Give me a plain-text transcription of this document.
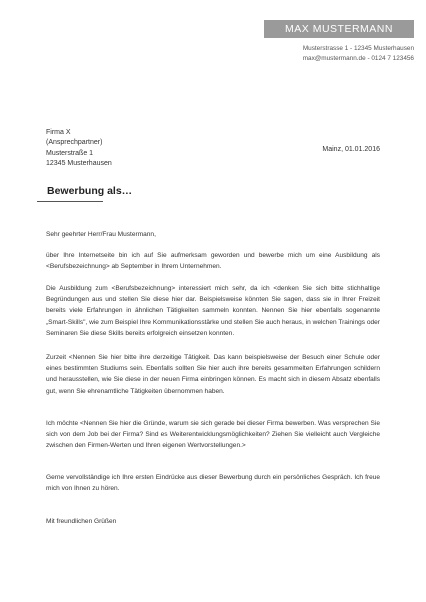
MAX MUSTERMANN
Musterstrasse 1 - 12345 Musterhausen
max@mustermann.de - 0124 7 123456
Firma X
(Ansprechpartner)
Musterstraße 1
12345 Musterhausen
Mainz, 01.01.2016
Bewerbung als…

Sehr geehrter Herr/Frau Mustermann,

über Ihre Internetseite bin ich auf Sie aufmerksam geworden und bewerbe mich um eine Ausbildung als <Berufsbezeichnung> ab September in Ihrem Unternehmen.

Die Ausbildung zum <Berufsbezeichnung> interessiert mich sehr, da ich <denken Sie sich bitte stichhaltige Begründungen aus und stellen Sie diese hier dar. Beispielsweise könnten Sie sagen, dass sie in Ihrer Freizeit bereits viele Erfahrungen in ähnlichen Tätigkeiten sammeln konnten. Nennen Sie hier ebenfalls sogenannte „Smart-Skills", wie zum Beispiel Ihre Kommunikationsstärke und stellen Sie auch heraus, in welchen Trainings oder Seminaren Sie diese Skills bereits erfolgreich einsetzen konnten.

Zurzeit <Nennen Sie hier bitte ihre derzeitige Tätigkeit. Das kann beispielsweise der Besuch einer Schule oder eines bestimmten Studiums sein. Ebenfalls sollten Sie hier auch ihre bereits gesammelten Erfahrungen schildern und herausstellen, wie Sie diese in der neuen Firma einbringen können. Es macht sich in diesem Absatz ebenfalls gut, wenn Sie ehrenamtliche Tätigkeiten übernommen haben.

Ich möchte <Nennen Sie hier die Gründe, warum sie sich gerade bei dieser Firma bewerben. Was versprechen Sie sich von dem Job bei der Firma? Sind es Weiterentwicklungsmöglichkeiten? Ziehen Sie vielleicht auch Vergleiche zwischen den Firmen-Werten und Ihren eigenen Wertvorstellungen.>

Gerne vervollständige ich Ihre ersten Eindrücke aus dieser Bewerbung durch ein persönliches Gespräch. Ich freue mich von Ihnen zu hören.

Mit freundlichen Grüßen
